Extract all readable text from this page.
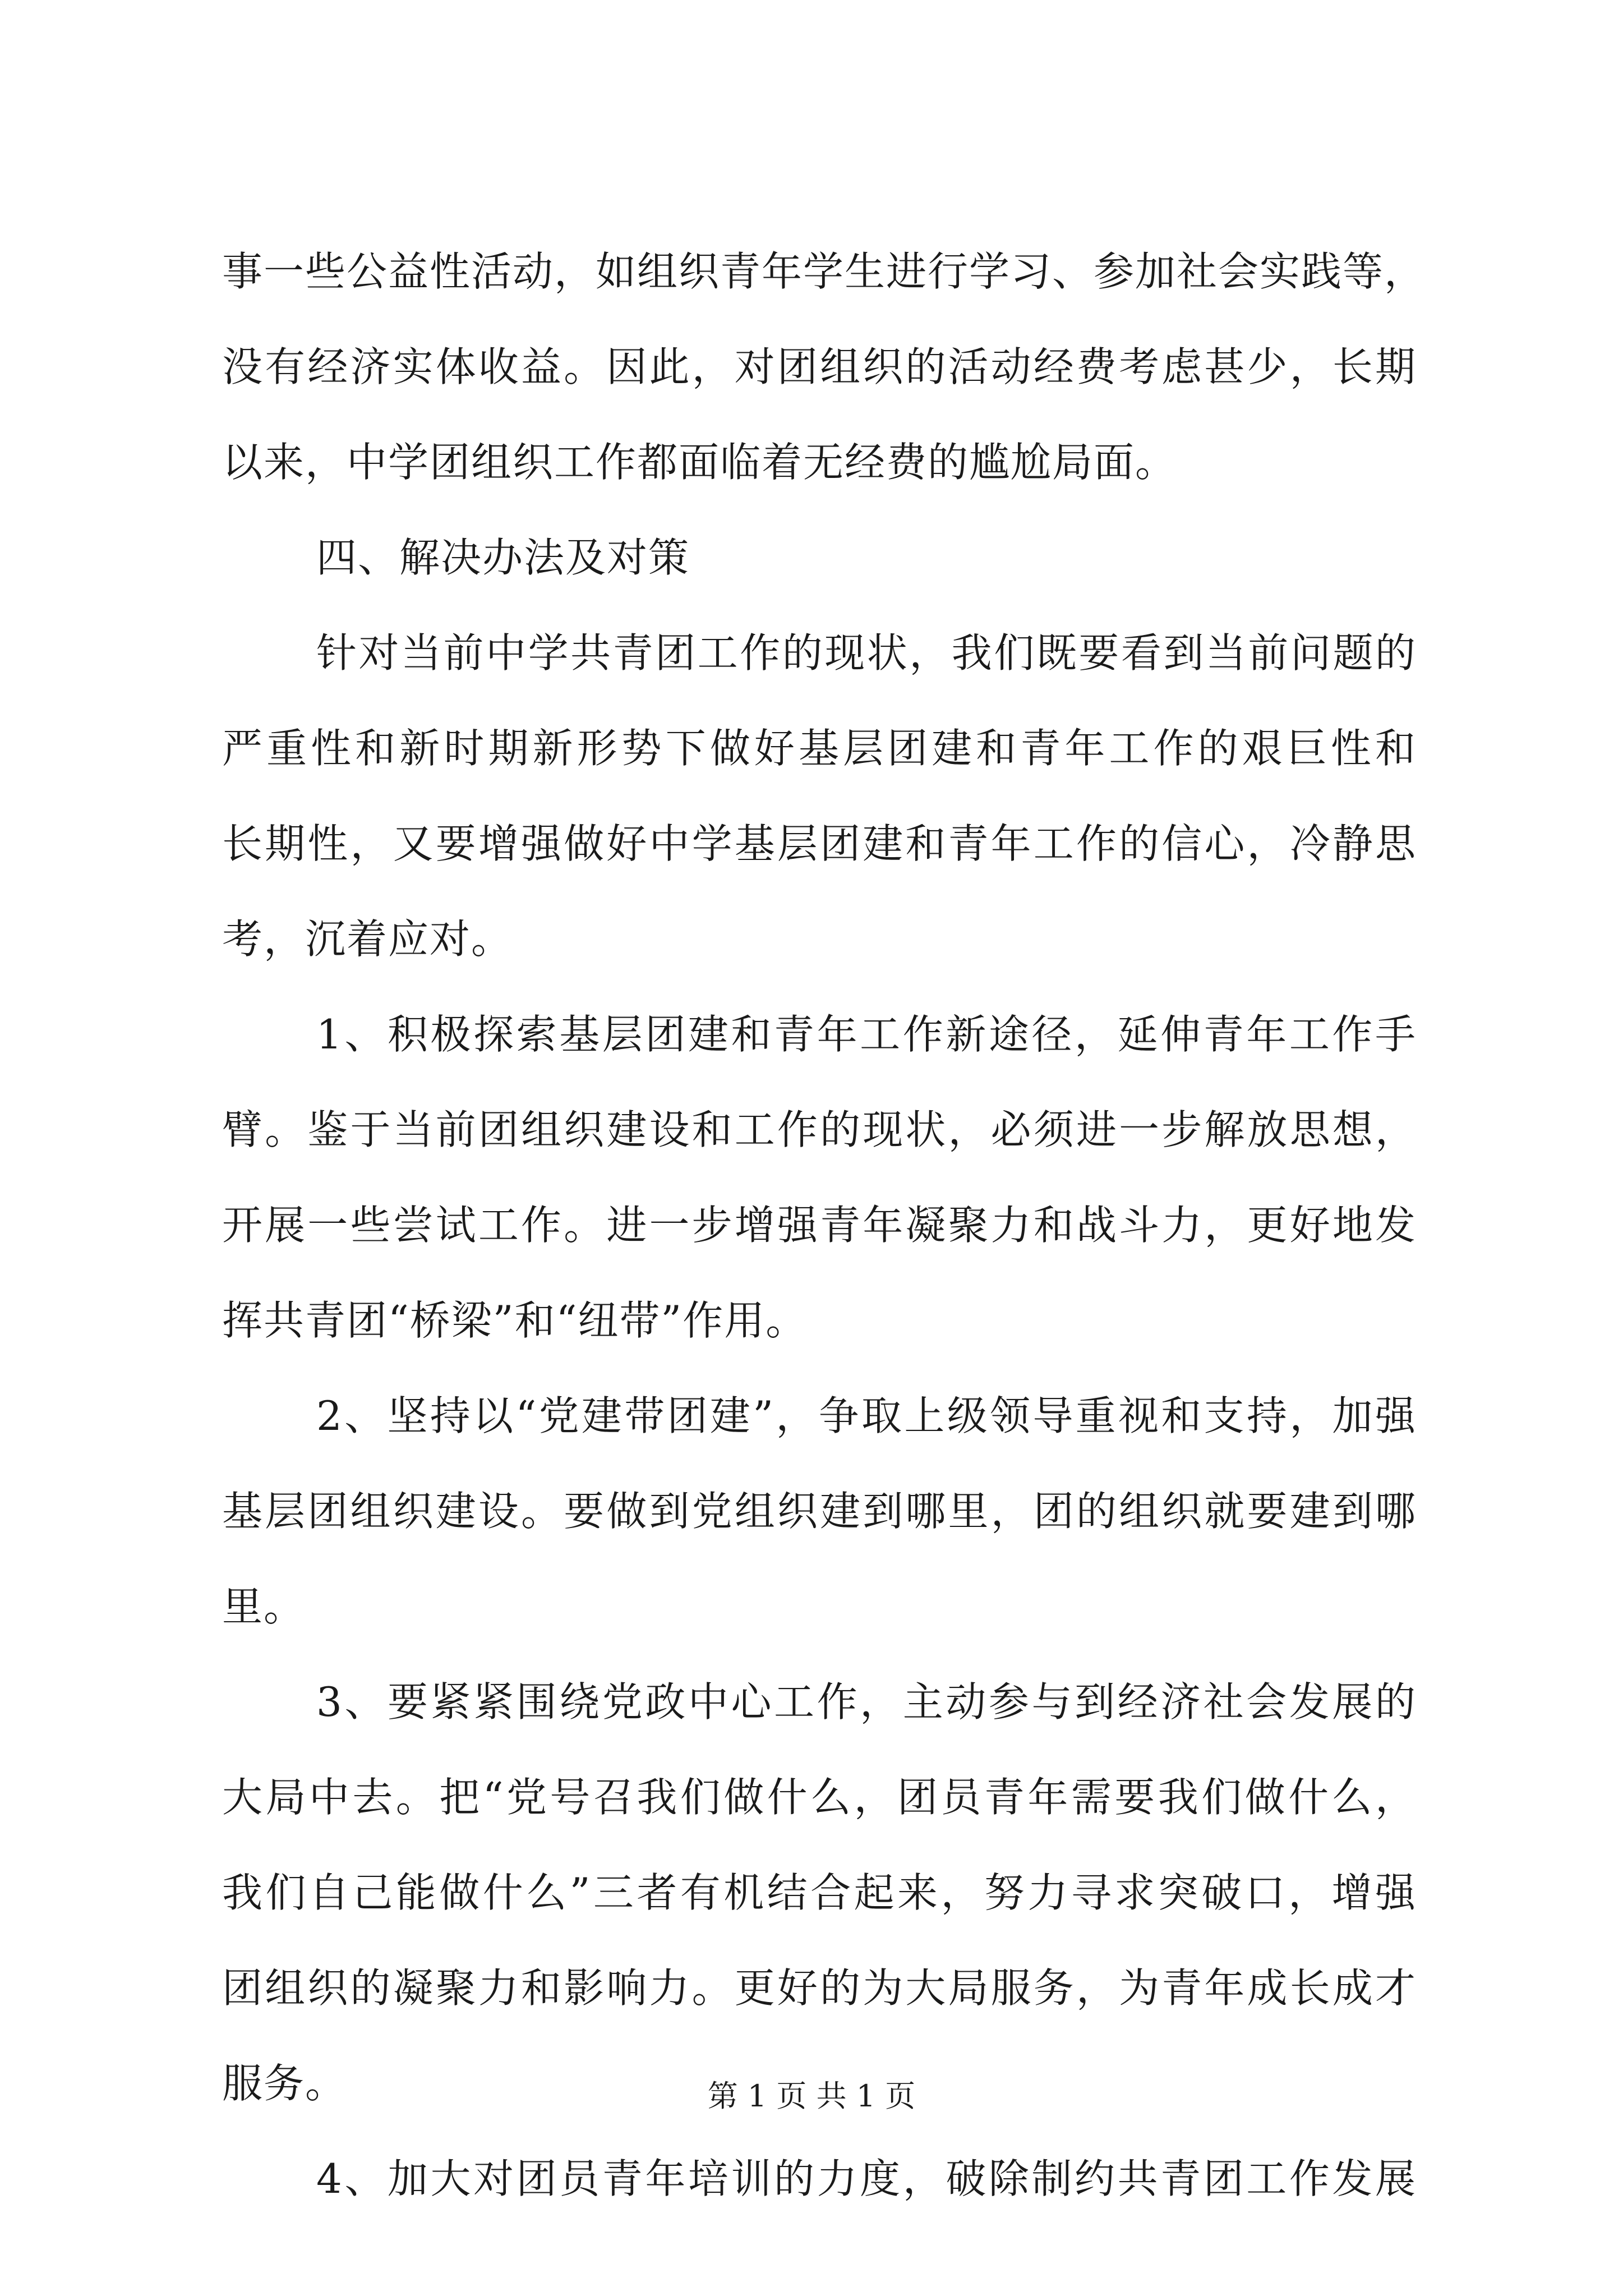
事一些公益性活动，如组织青年学生进行学习、参加社会实践等，
没有经济实体收益。因此，对团组织的活动经费考虑甚少，长期
以来，中学团组织工作都面临着无经费的尴尬局面。
四、解决办法及对策
针对当前中学共青团工作的现状，我们既要看到当前问题的
严重性和新时期新形势下做好基层团建和青年工作的艰巨性和
长期性，又要增强做好中学基层团建和青年工作的信心，冷静思
考，沉着应对。
1、积极探索基层团建和青年工作新途径，延伸青年工作手
臂。鉴于当前团组织建设和工作的现状，必须进一步解放思想，
开展一些尝试工作。进一步增强青年凝聚力和战斗力，更好地发
挥共青团“桥梁”和“纽带”作用。
2、坚持以“党建带团建”，争取上级领导重视和支持，加强
基层团组织建设。要做到党组织建到哪里，团的组织就要建到哪
里。
3、要紧紧围绕党政中心工作，主动参与到经济社会发展的
大局中去。把“党号召我们做什么，团员青年需要我们做什么，
我们自己能做什么”三者有机结合起来，努力寻求突破口，增强
团组织的凝聚力和影响力。更好的为大局服务，为青年成长成才
服务。
4、加大对团员青年培训的力度，破除制约共青团工作发展
第 1 页 共 1 页
